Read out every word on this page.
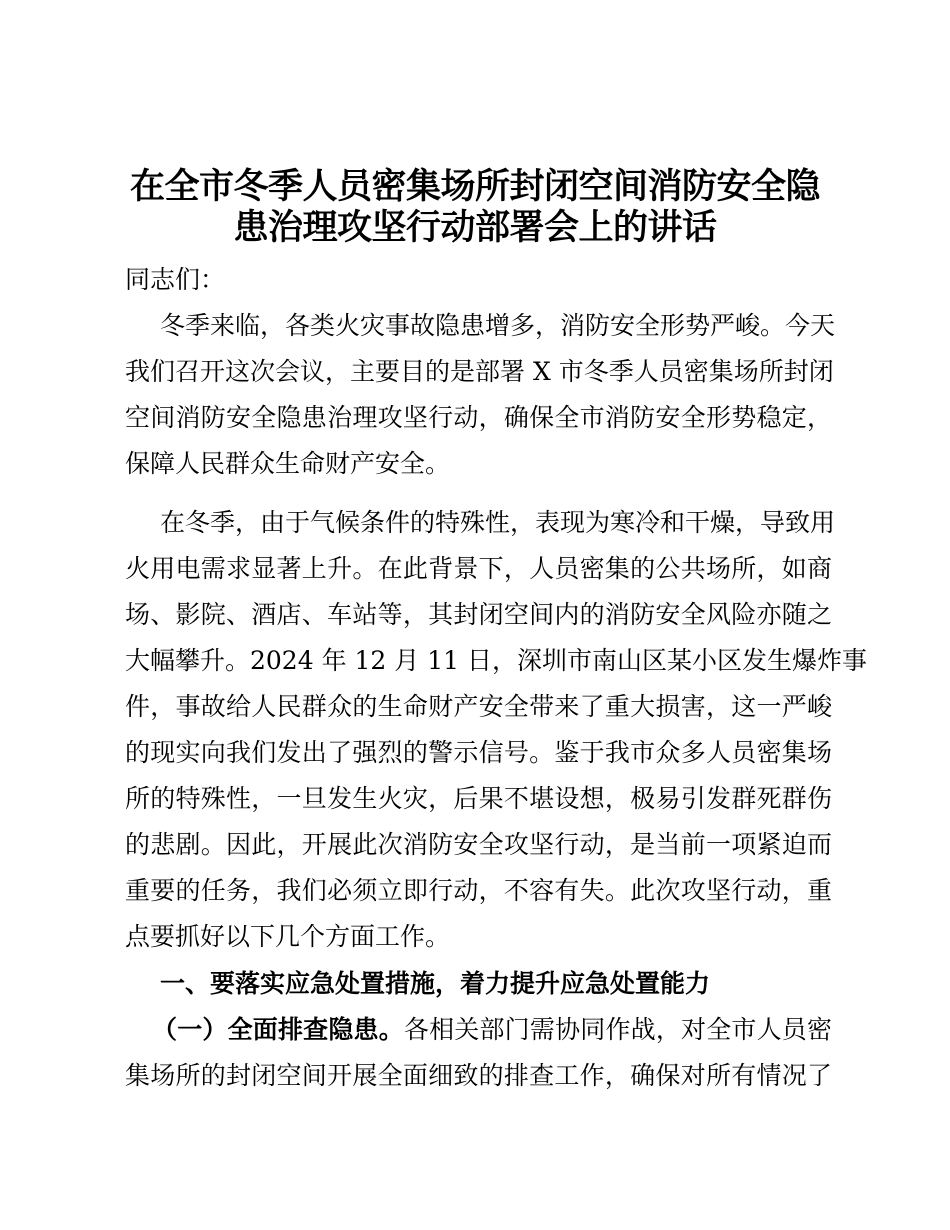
在全市冬季人员密集场所封闭空间消防安全隐
患治理攻坚行动部署会上的讲话
同志们：
冬季来临，各类火灾事故隐患增多，消防安全形势严峻。今天
我们召开这次会议，主要目的是部署 X 市冬季人员密集场所封闭
空间消防安全隐患治理攻坚行动，确保全市消防安全形势稳定，
保障人民群众生命财产安全。
在冬季，由于气候条件的特殊性，表现为寒冷和干燥，导致用
火用电需求显著上升。在此背景下，人员密集的公共场所，如商
场、影院、酒店、车站等，其封闭空间内的消防安全风险亦随之
大幅攀升。2024 年 12 月 11 日，深圳市南山区某小区发生爆炸事
件，事故给人民群众的生命财产安全带来了重大损害，这一严峻
的现实向我们发出了强烈的警示信号。鉴于我市众多人员密集场
所的特殊性，一旦发生火灾，后果不堪设想，极易引发群死群伤
的悲剧。因此，开展此次消防安全攻坚行动，是当前一项紧迫而
重要的任务，我们必须立即行动，不容有失。此次攻坚行动，重
点要抓好以下几个方面工作。
一、要落实应急处置措施，着力提升应急处置能力
（一）全面排查隐患。各相关部门需协同作战，对全市人员密
集场所的封闭空间开展全面细致的排查工作，确保对所有情况了
